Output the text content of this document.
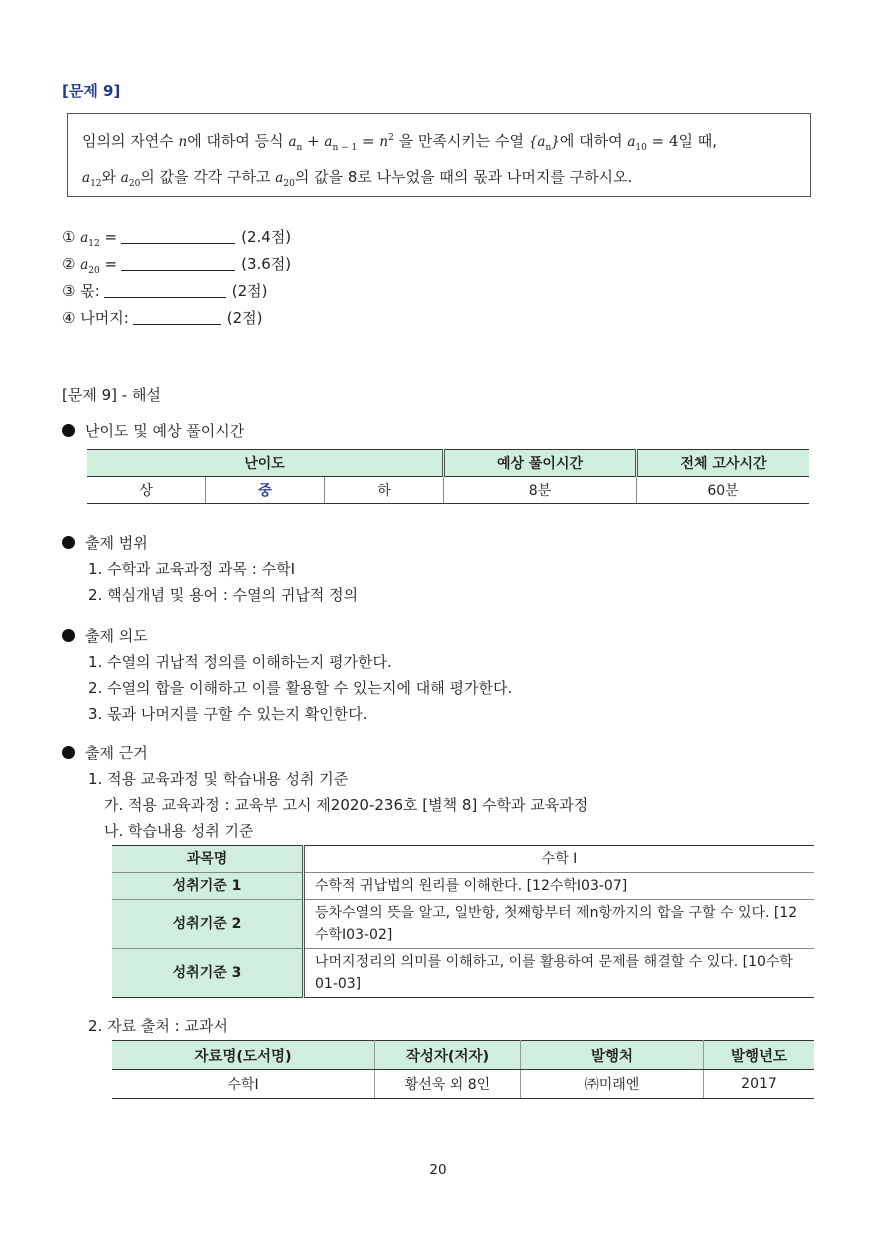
[문제 9]
임의의 자연수 n에 대하여 등식 $a_n + a_{n - 1} = n^2$ 을 만족시키는 수열 $\{a_n\}$에 대하여 $a_{10} = 4$일 때,
$a_{12}$와 $a_{20}$의 값을 각각 구하고 $a_{20}$의 값을 8로 나누었을 때의 몫과 나머지를 구하시오.
① $a_{12}$ =	(2.4점)
② $a_{20}$ =	(3.6점)
③ 몫:	(2점)
④ 나머지:	(2점)
[문제 9] - 해설
난이도 및 예상 풀이시간
난이도			예상 풀이시간	전체 고사시간
상	중	하	8분	60분
출제 범위
1. 수학과 교육과정 과목 : 수학Ⅰ
2. 핵심개념 및 용어 : 수열의 귀납적 정의
출제 의도
1. 수열의 귀납적 정의를 이해하는지 평가한다.
2. 수열의 합을 이해하고 이를 활용할 수 있는지에 대해 평가한다.
3. 몫과 나머지를 구할 수 있는지 확인한다.
출제 근거
1. 적용 교육과정 및 학습내용 성취 기준
가. 적용 교육과정 : 교육부 고시 제2020-236호 [별책 8] 수학과 교육과정
나. 학습내용 성취 기준
과목명	수학 Ⅰ
성취기준 1	수학적 귀납법의 원리를 이해한다. [12수학Ⅰ03-07]
성취기준 2	등차수열의 뜻을 알고, 일반항, 첫째항부터 제n항까지의 합을 구할 수 있다. [12수학Ⅰ03-02]
성취기준 3	나머지정리의 의미를 이해하고, 이를 활용하여 문제를 해결할 수 있다. [10수학01-03]
2. 자료 출처 : 교과서
자료명(도서명)	작성자(저자)	발행처	발행년도
수학Ⅰ	황선욱 외 8인	㈜미래엔	2017
20
